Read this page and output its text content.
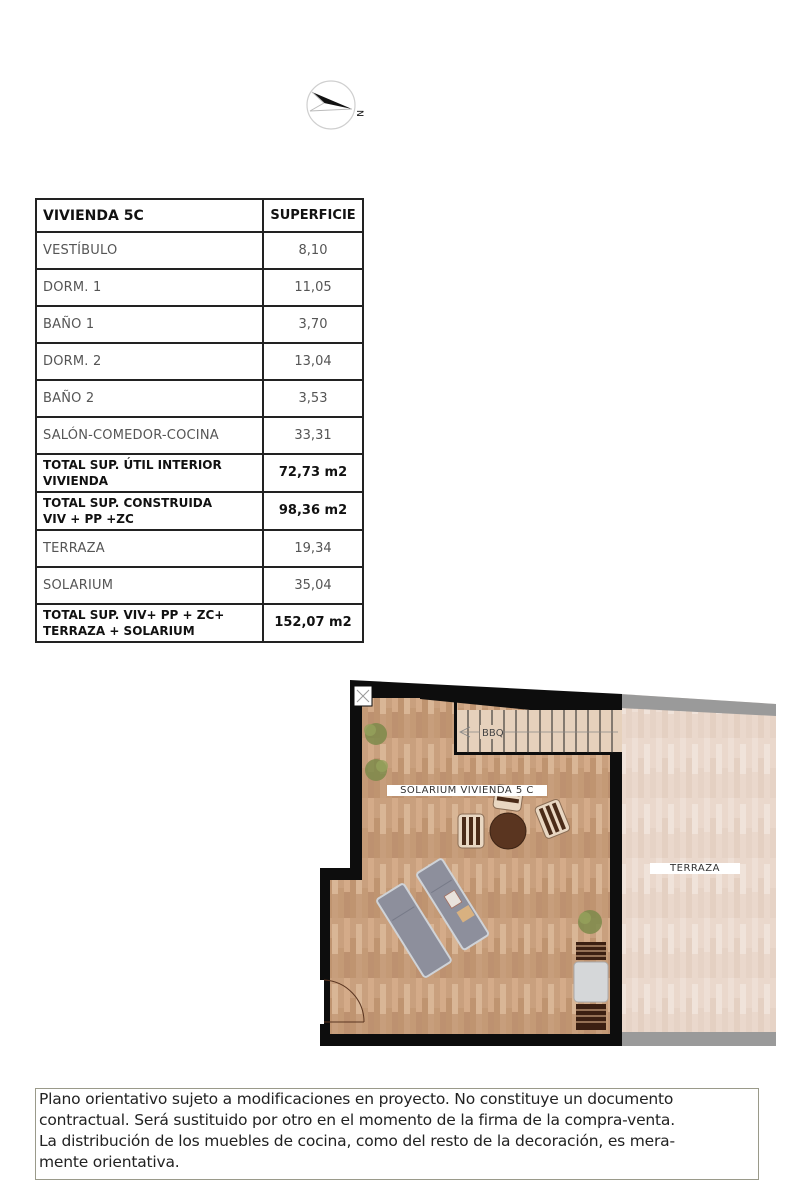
N
VIVIENDA 5C	SUPERFICIE
VESTÍBULO	8,10
DORM. 1	11,05
BAÑO 1	3,70
DORM. 2	13,04
BAÑO 2	3,53
SALÓN-COMEDOR-COCINA	33,31
TOTAL SUP. ÚTIL INTERIOR
VIVIENDA	72,73 m2
TOTAL SUP. CONSTRUIDA
VIV + PP +ZC	98,36 m2
TERRAZA	19,34
SOLARIUM	35,04
TOTAL SUP. VIV+ PP + ZC+
TERRAZA + SOLARIUM	152,07 m2
BBQ
SOLARIUM VIVIENDA 5 C
TERRAZA
Plano orientativo sujeto a modificaciones en proyecto. No constituye un documento
contractual. Será sustituido por otro en el momento de la firma de la compra-venta.
La distribución de los muebles de cocina, como del resto de la decoración, es mera-
mente orientativa.
